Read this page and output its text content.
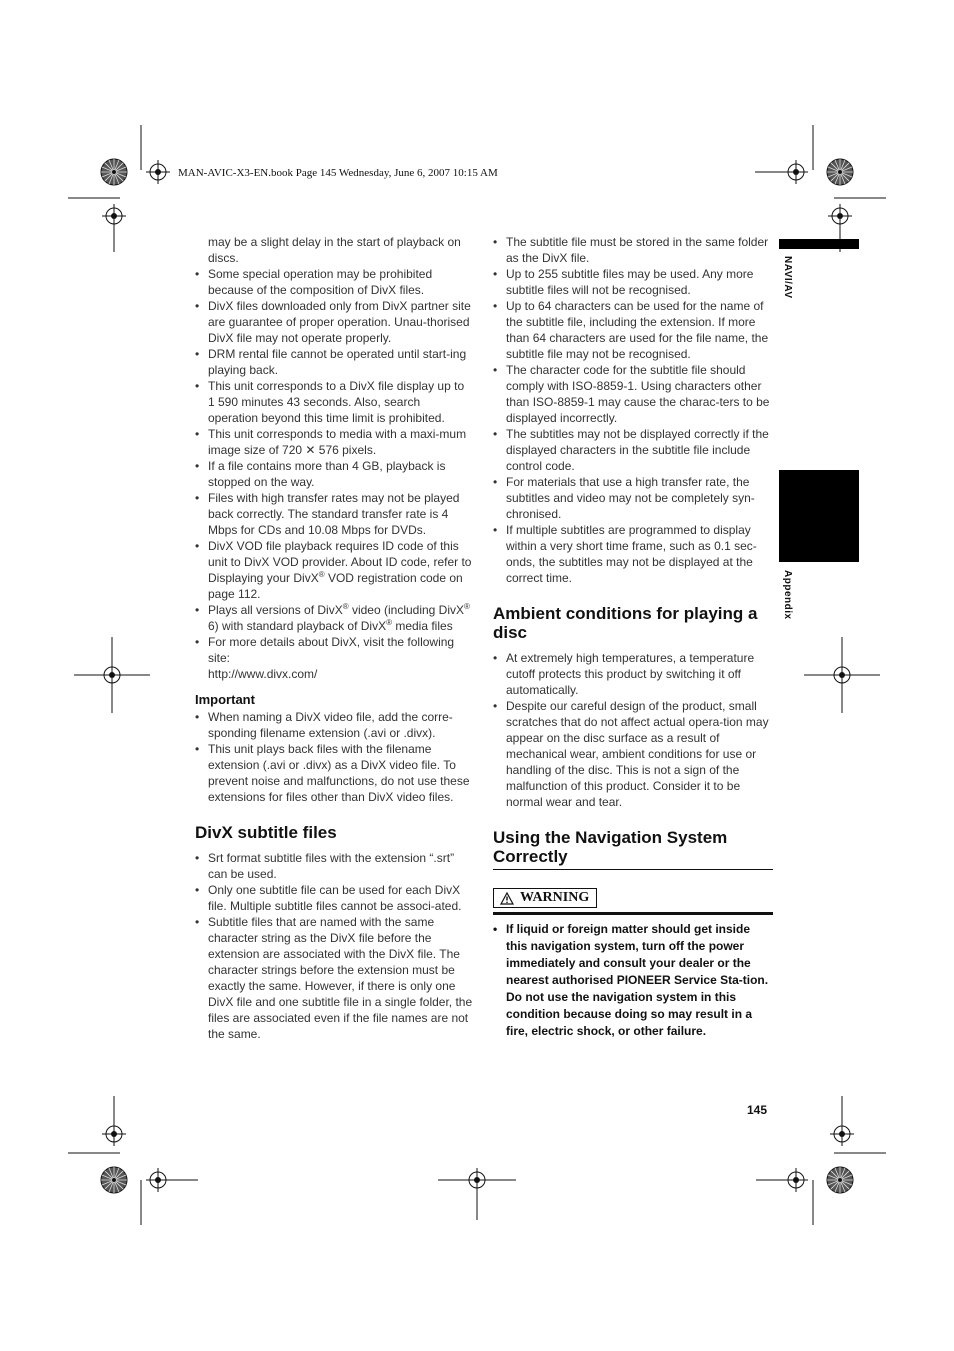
MAN-AVIC-X3-EN.book Page 145 Wednesday, June 6, 2007 10:15 AM
NAVI/AV
Appendix
may be a slight delay in the start of playback on discs.
• Some special operation may be prohibited because of the composition of DivX files.
• DivX files downloaded only from DivX partner site are guarantee of proper operation. Unau-thorised DivX file may not operate properly.
• DRM rental file cannot be operated until start-ing playing back.
• This unit corresponds to a DivX file display up to 1 590 minutes 43 seconds. Also, search operation beyond this time limit is prohibited.
• This unit corresponds to media with a maxi-mum image size of 720 ✕ 576 pixels.
• If a file contains more than 4 GB, playback is stopped on the way.
• Files with high transfer rates may not be played back correctly. The standard transfer rate is 4 Mbps for CDs and 10.08 Mbps for DVDs.
• DivX VOD file playback requires ID code of this unit to DivX VOD provider. About ID code, refer to Displaying your DivX® VOD registration code on page 112.
• Plays all versions of DivX® video (including DivX® 6) with standard playback of DivX® media files
• For more details about DivX, visit the following site:
http://www.divx.com/
Important
• When naming a DivX video file, add the corre-sponding filename extension (.avi or .divx).
• This unit plays back files with the filename extension (.avi or .divx) as a DivX video file. To prevent noise and malfunctions, do not use these extensions for files other than DivX video files.
DivX subtitle files
• Srt format subtitle files with the extension “.srt” can be used.
• Only one subtitle file can be used for each DivX file. Multiple subtitle files cannot be associ-ated.
• Subtitle files that are named with the same character string as the DivX file before the extension are associated with the DivX file. The character strings before the extension must be exactly the same. However, if there is only one DivX file and one subtitle file in a single folder, the files are associated even if the file names are not the same.
• The subtitle file must be stored in the same folder as the DivX file.
• Up to 255 subtitle files may be used. Any more subtitle files will not be recognised.
• Up to 64 characters can be used for the name of the subtitle file, including the extension. If more than 64 characters are used for the file name, the subtitle file may not be recognised.
• The character code for the subtitle file should comply with ISO-8859-1. Using characters other than ISO-8859-1 may cause the charac-ters to be displayed incorrectly.
• The subtitles may not be displayed correctly if the displayed characters in the subtitle file include control code.
• For materials that use a high transfer rate, the subtitles and video may not be completely syn-chronised.
• If multiple subtitles are programmed to display within a very short time frame, such as 0.1 sec-onds, the subtitles may not be displayed at the correct time.
Ambient conditions for playing a disc
• At extremely high temperatures, a temperature cutoff protects this product by switching it off automatically.
• Despite our careful design of the product, small scratches that do not affect actual opera-tion may appear on the disc surface as a result of mechanical wear, ambient conditions for use or handling of the disc. This is not a sign of the malfunction of this product. Consider it to be normal wear and tear.
Using the Navigation System Correctly
WARNING
• If liquid or foreign matter should get inside this navigation system, turn off the power immediately and consult your dealer or the nearest authorised PIONEER Service Sta-tion. Do not use the navigation system in this condition because doing so may result in a fire, electric shock, or other failure.
145
